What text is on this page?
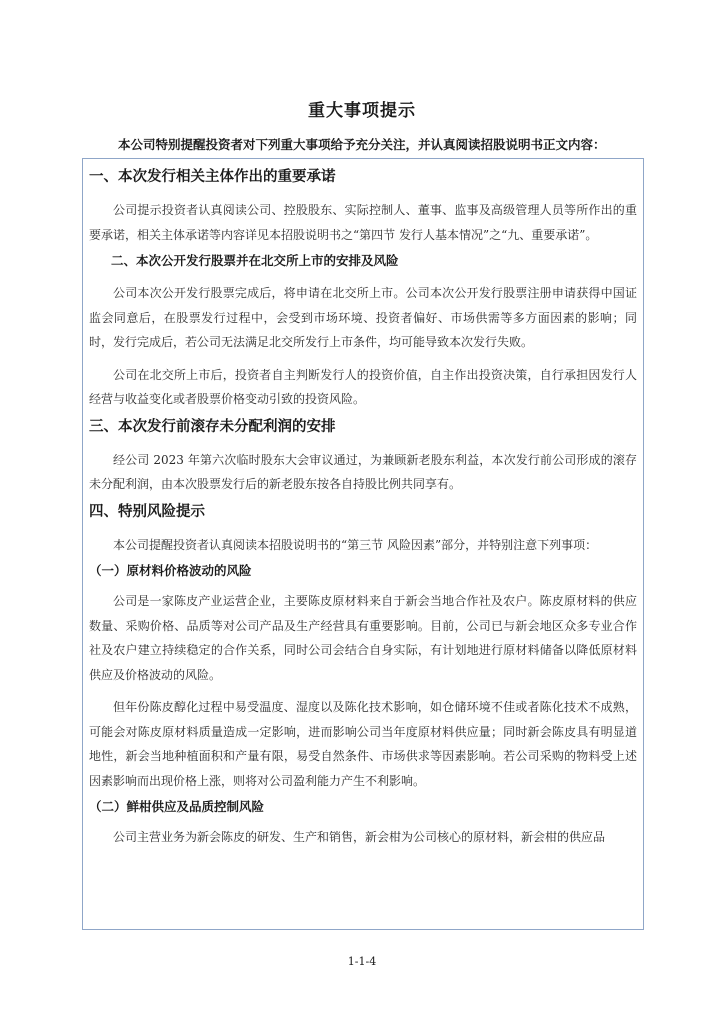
重大事项提示
本公司特别提醒投资者对下列重大事项给予充分关注，并认真阅读招股说明书正文内容：
一、本次发行相关主体作出的重要承诺

公司提示投资者认真阅读公司、控股股东、实际控制人、董事、监事及高级管理人员等所作出的重要承诺，相关主体承诺等内容详见本招股说明书之“第四节 发行人基本情况”之“九、重要承诺”。

二、本次公开发行股票并在北交所上市的安排及风险

公司本次公开发行股票完成后，将申请在北交所上市。公司本次公开发行股票注册申请获得中国证监会同意后，在股票发行过程中，会受到市场环境、投资者偏好、市场供需等多方面因素的影响；同时，发行完成后，若公司无法满足北交所发行上市条件，均可能导致本次发行失败。

公司在北交所上市后，投资者自主判断发行人的投资价值，自主作出投资决策，自行承担因发行人经营与收益变化或者股票价格变动引致的投资风险。

三、本次发行前滚存未分配利润的安排

经公司 2023 年第六次临时股东大会审议通过，为兼顾新老股东利益，本次发行前公司形成的滚存未分配利润，由本次股票发行后的新老股东按各自持股比例共同享有。

四、特别风险提示

本公司提醒投资者认真阅读本招股说明书的“第三节 风险因素”部分，并特别注意下列事项：

（一）原材料价格波动的风险

公司是一家陈皮产业运营企业，主要陈皮原材料来自于新会当地合作社及农户。陈皮原材料的供应数量、采购价格、品质等对公司产品及生产经营具有重要影响。目前，公司已与新会地区众多专业合作社及农户建立持续稳定的合作关系，同时公司会结合自身实际，有计划地进行原材料储备以降低原材料供应及价格波动的风险。

但年份陈皮醇化过程中易受温度、湿度以及陈化技术影响，如仓储环境不佳或者陈化技术不成熟，可能会对陈皮原材料质量造成一定影响，进而影响公司当年度原材料供应量；同时新会陈皮具有明显道地性，新会当地种植面积和产量有限，易受自然条件、市场供求等因素影响。若公司采购的物料受上述因素影响而出现价格上涨，则将对公司盈利能力产生不利影响。

（二）鲜柑供应及品质控制风险

公司主营业务为新会陈皮的研发、生产和销售，新会柑为公司核心的原材料，新会柑的供应品

1-1-4
